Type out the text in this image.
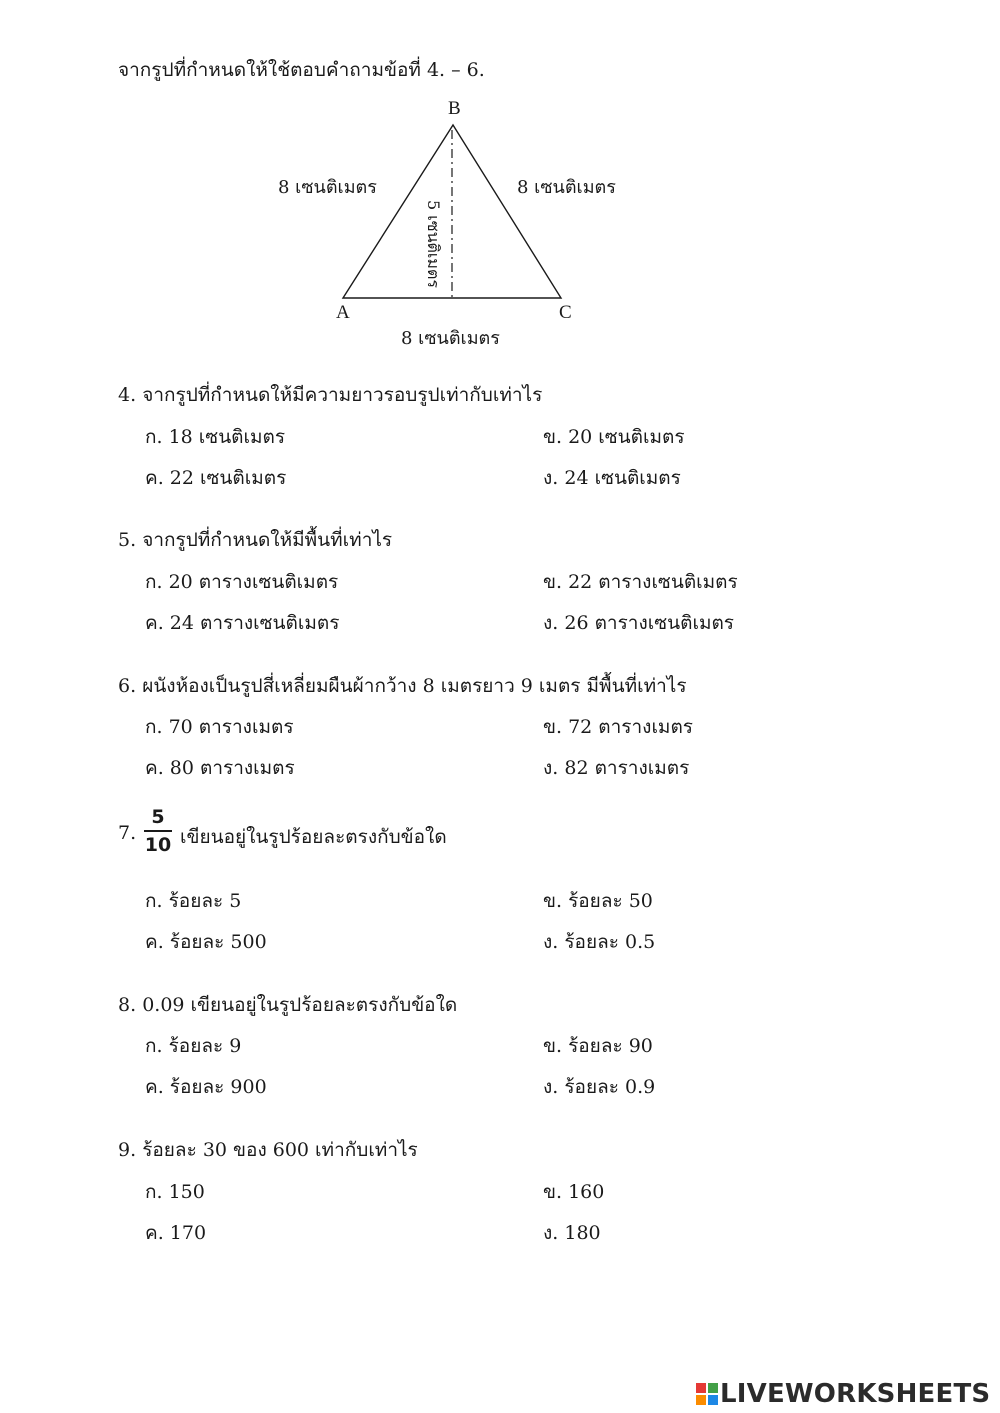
จากรูปที่กำหนดให้ใช้ตอบคำถามข้อที่ 4. – 6.
B
A	C
8 เซนติเมตร	8 เซนติเมตร
8 เซนติเมตร
5 เซนติเมตร
4. จากรูปที่กำหนดให้มีความยาวรอบรูปเท่ากับเท่าไร
ก. 18 เซนติเมตร	ข. 20 เซนติเมตร
ค. 22 เซนติเมตร	ง. 24 เซนติเมตร
5. จากรูปที่กำหนดให้มีพื้นที่เท่าไร
ก. 20 ตารางเซนติเมตร	ข. 22 ตารางเซนติเมตร
ค. 24 ตารางเซนติเมตร	ง. 26 ตารางเซนติเมตร
6. ผนังห้องเป็นรูปสี่เหลี่ยมผืนผ้ากว้าง 8 เมตรยาว 9 เมตร มีพื้นที่เท่าไร
ก. 70 ตารางเมตร	ข. 72 ตารางเมตร
ค. 80 ตารางเมตร	ง. 82 ตารางเมตร
7.
5
10 เขียนอยู่ในรูปร้อยละตรงกับข้อใด
ก. ร้อยละ 5	ข. ร้อยละ 50
ค. ร้อยละ 500	ง. ร้อยละ 0.5
8. 0.09 เขียนอยู่ในรูปร้อยละตรงกับข้อใด
ก. ร้อยละ 9	ข. ร้อยละ 90
ค. ร้อยละ 900	ง. ร้อยละ 0.9
9. ร้อยละ 30 ของ 600 เท่ากับเท่าไร
ก. 150	ข. 160
ค. 170	ง. 180
LIVEWORKSHEETS
